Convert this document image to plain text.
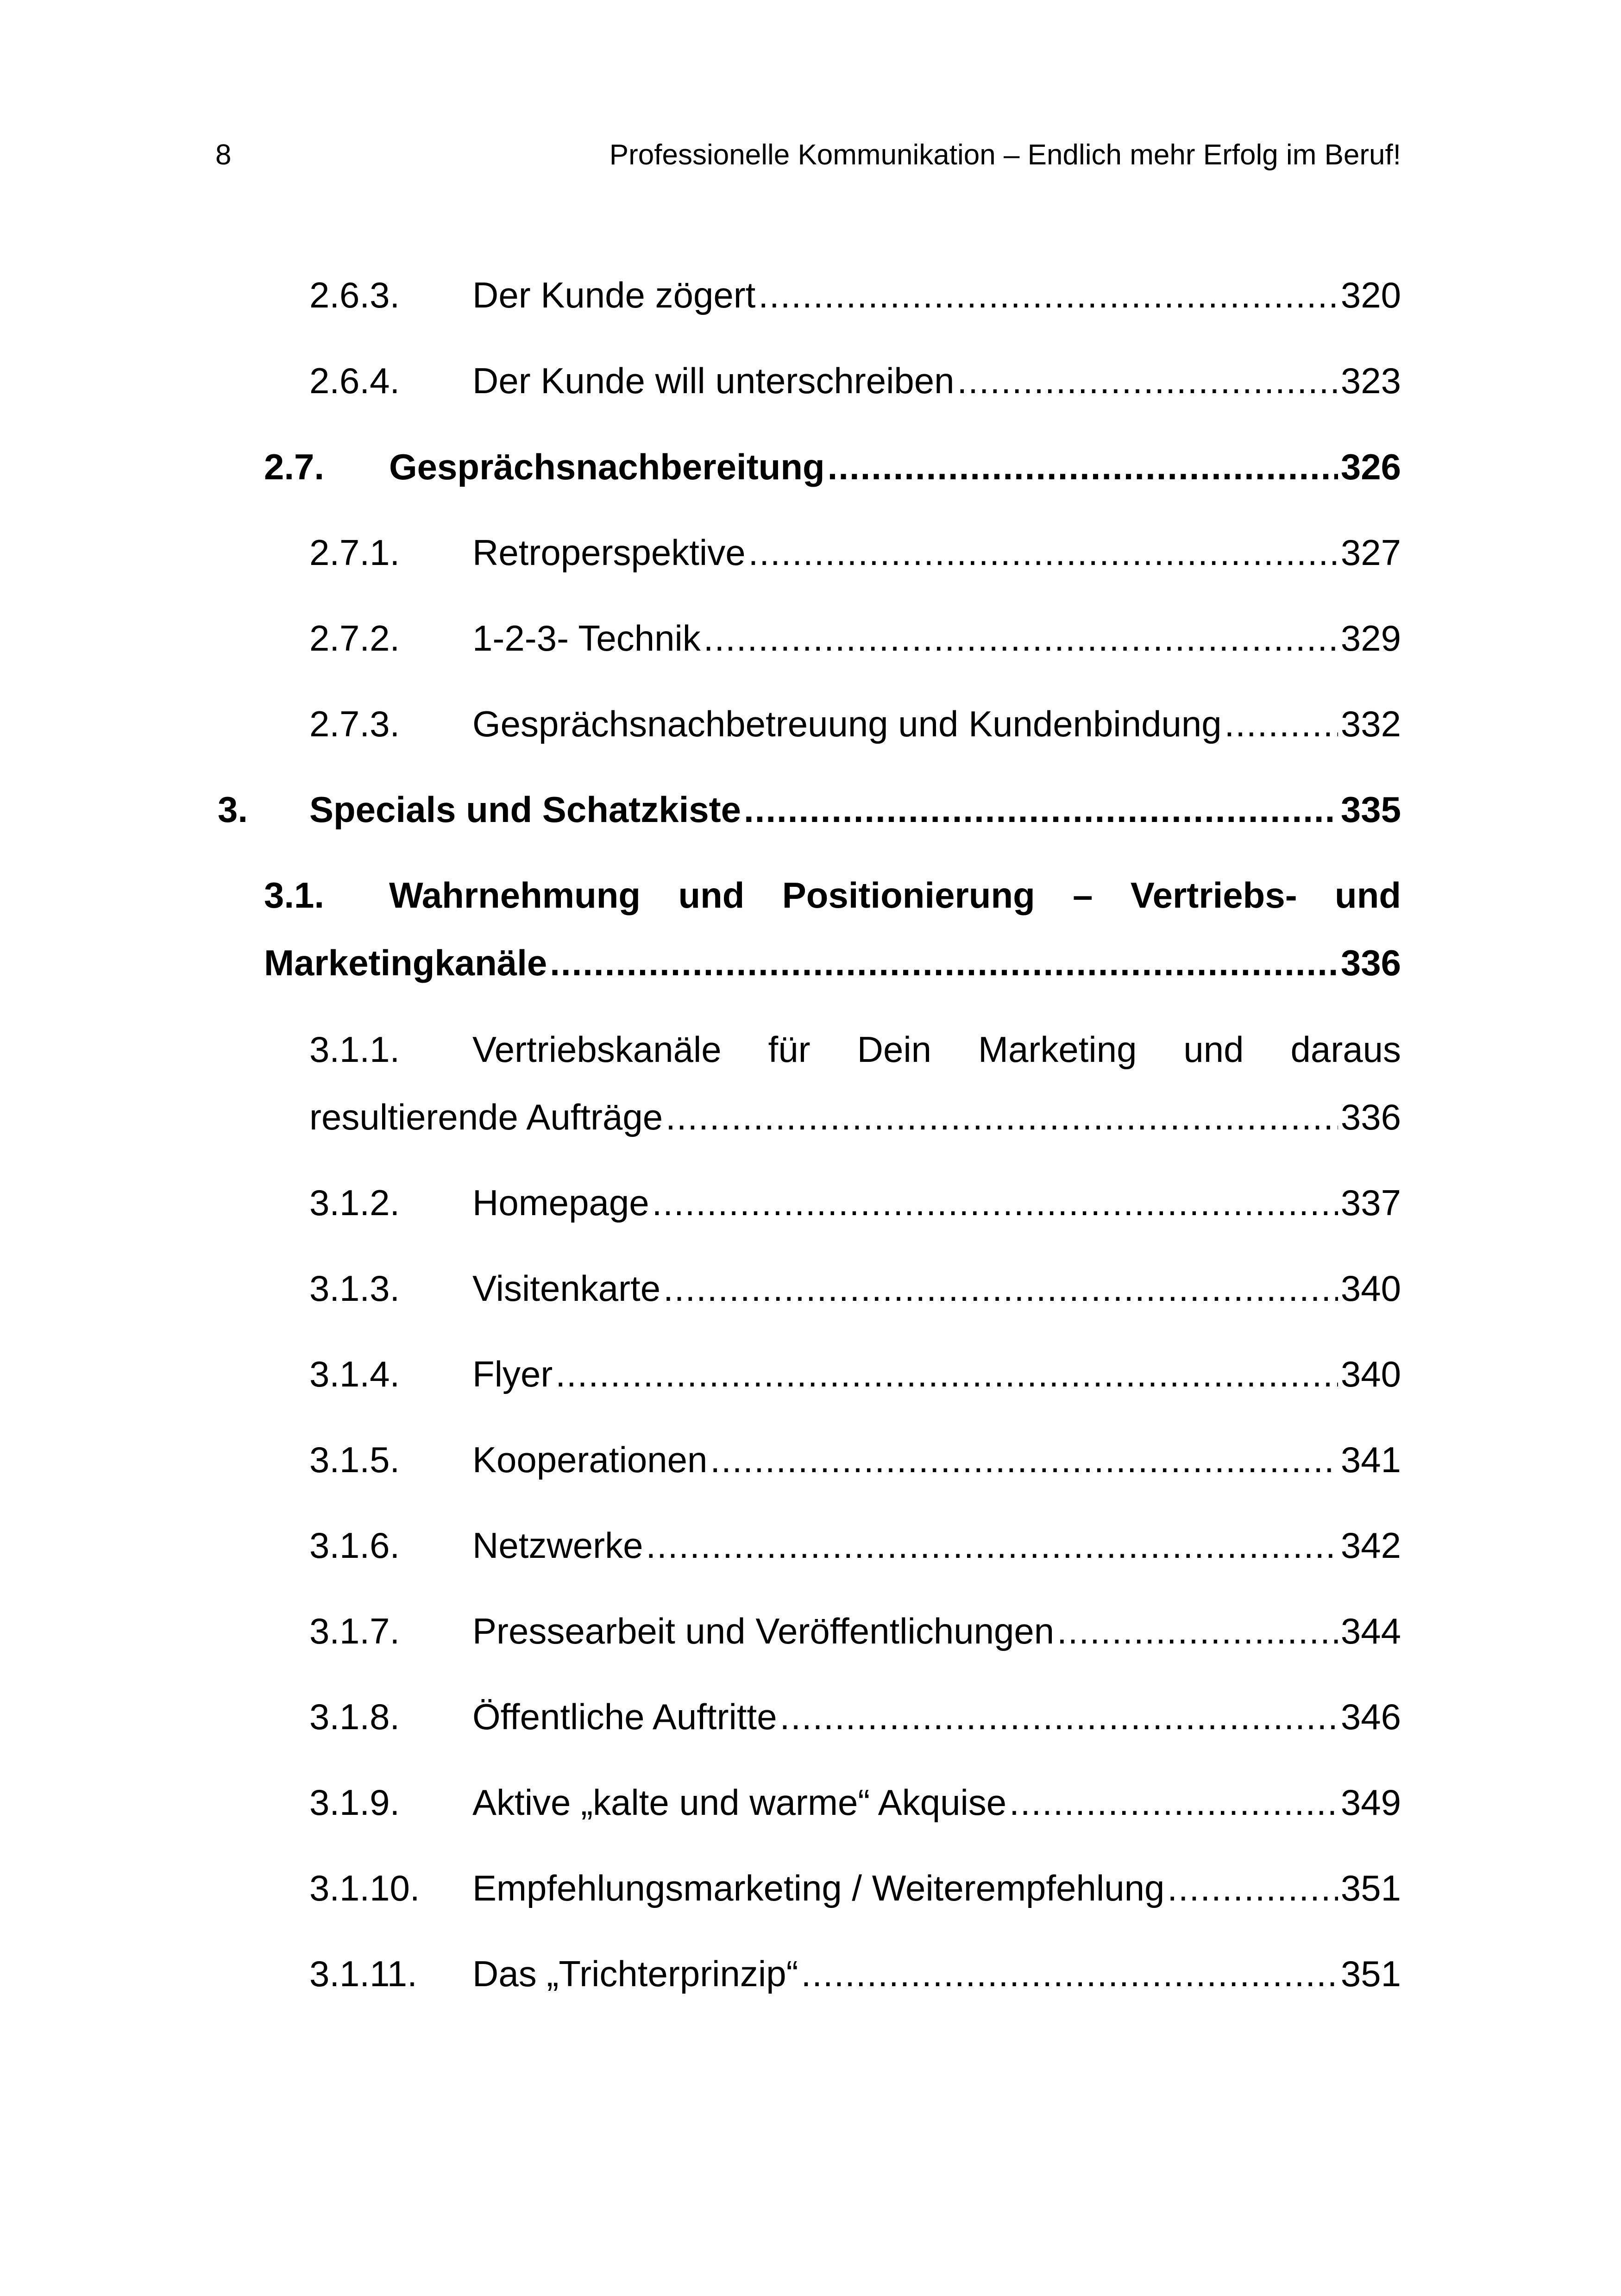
8	Professionelle Kommunikation – Endlich mehr Erfolg im Beruf!
2.6.3. Der Kunde zögert .....	320
2.6.4. Der Kunde will unterschreiben .....	323
2.7. Gesprächsnachbereitung .....	326
2.7.1. Retroperspektive .....	327
2.7.2. 1-2-3- Technik .....	329
2.7.3. Gesprächsnachbetreuung und Kundenbindung .....	332
3. Specials und Schatzkiste .....	335
3.1. Wahrnehmung und Positionierung – Vertriebs- und
Marketingkanäle .....	336
3.1.1. Vertriebskanäle für Dein Marketing und daraus
resultierende Aufträge .....	336
3.1.2. Homepage .....	337
3.1.3. Visitenkarte .....	340
3.1.4. Flyer .....	340
3.1.5. Kooperationen .....	341
3.1.6. Netzwerke .....	342
3.1.7. Pressearbeit und Veröffentlichungen .....	344
3.1.8. Öffentliche Auftritte .....	346
3.1.9. Aktive „kalte und warme“ Akquise .....	349
3.1.10. Empfehlungsmarketing / Weiterempfehlung .....	351
3.1.11. Das „Trichterprinzip“ .....	351
